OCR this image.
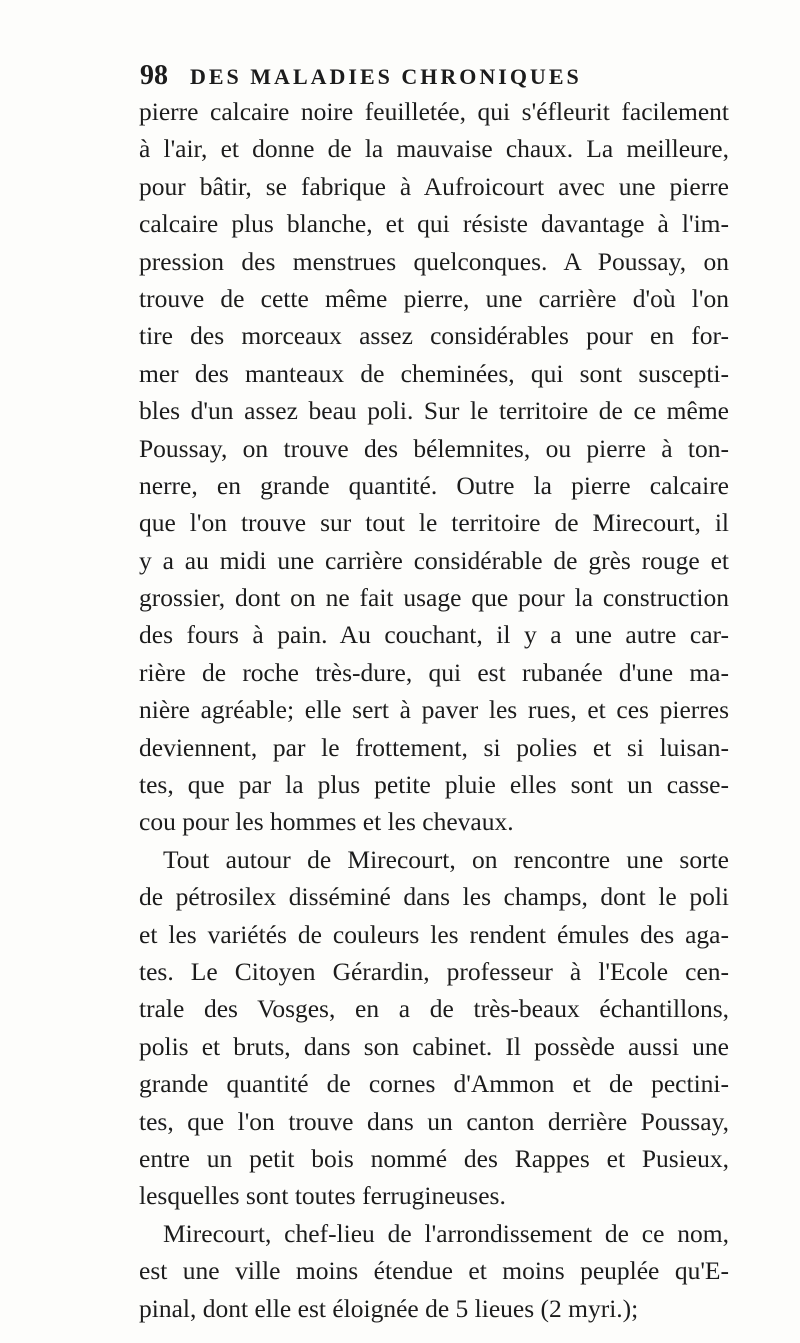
98 DES MALADIES CHRONIQUES
pierre calcaire noire feuilletée, qui s'éfleurit facilement
à l'air, et donne de la mauvaise chaux. La meilleure,
pour bâtir, se fabrique à Aufroicourt avec une pierre
calcaire plus blanche, et qui résiste davantage à l'im-
pression des menstrues quelconques. A Poussay, on
trouve de cette même pierre, une carrière d'où l'on
tire des morceaux assez considérables pour en for-
mer des manteaux de cheminées, qui sont suscepti-
bles d'un assez beau poli. Sur le territoire de ce même
Poussay, on trouve des bélemnites, ou pierre à ton-
nerre, en grande quantité. Outre la pierre calcaire
que l'on trouve sur tout le territoire de Mirecourt, il
y a au midi une carrière considérable de grès rouge et
grossier, dont on ne fait usage que pour la construction
des fours à pain. Au couchant, il y a une autre car-
rière de roche très-dure, qui est rubanée d'une ma-
nière agréable; elle sert à paver les rues, et ces pierres
deviennent, par le frottement, si polies et si luisan-
tes, que par la plus petite pluie elles sont un casse-
cou pour les hommes et les chevaux.
Tout autour de Mirecourt, on rencontre une sorte
de pétrosilex disséminé dans les champs, dont le poli
et les variétés de couleurs les rendent émules des aga-
tes. Le Citoyen Gérardin, professeur à l'Ecole cen-
trale des Vosges, en a de très-beaux échantillons,
polis et bruts, dans son cabinet. Il possède aussi une
grande quantité de cornes d'Ammon et de pectini-
tes, que l'on trouve dans un canton derrière Poussay,
entre un petit bois nommé des Rappes et Pusieux,
lesquelles sont toutes ferrugineuses.
Mirecourt, chef-lieu de l'arrondissement de ce nom,
est une ville moins étendue et moins peuplée qu'E-
pinal, dont elle est éloignée de 5 lieues (2 myri.);
